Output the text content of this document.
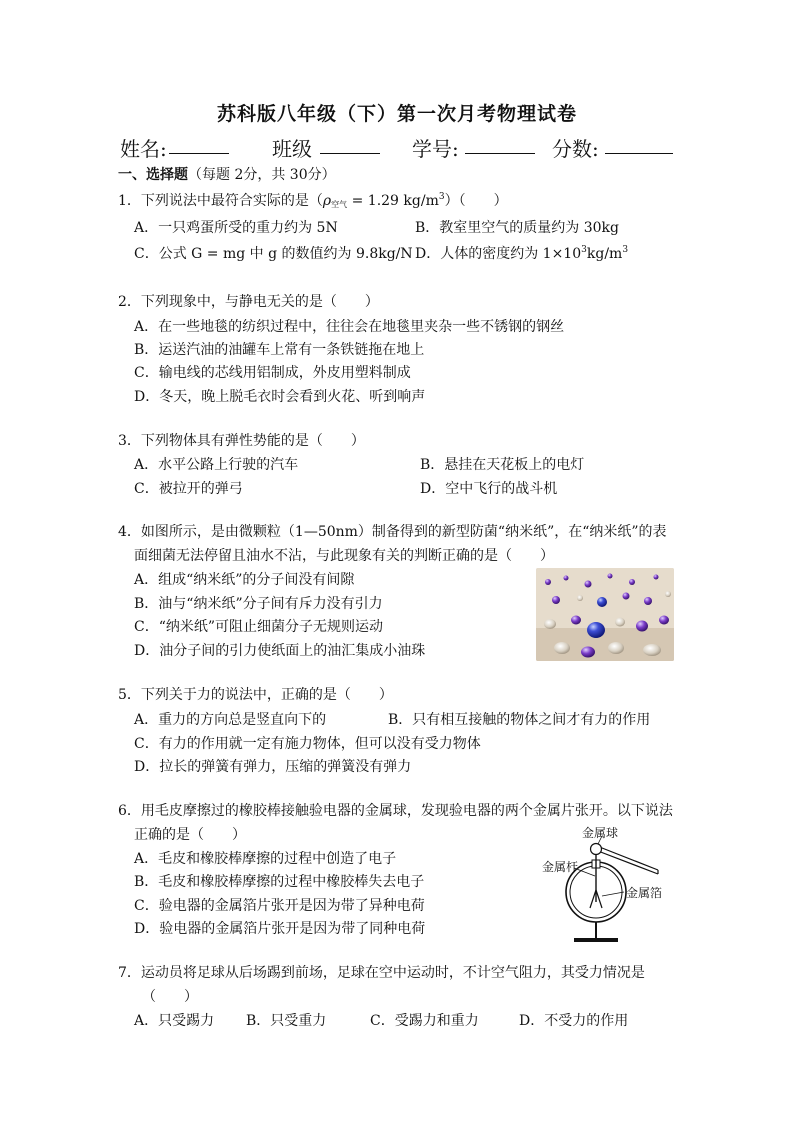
苏科版八年级（下）第一次月考物理试卷
姓名:	班级	学号:	分数:
一、选择题（每题 2分，共 30分）
1．下列说法中最符合实际的是（$\rho_{空气} = 1.29$ $kg/m^3$）（　　）
A．一只鸡蛋所受的重力约为 5N	B．教室里空气的质量约为 30kg
C．公式 G = mg 中 g 的数值约为 9.8kg/N D．人体的密度约为 $1\times 10^3kg/m^3$
2．下列现象中，与静电无关的是（　　）
A．在一些地毯的纺织过程中，往往会在地毯里夹杂一些不锈钢的钢丝
B．运送汽油的油罐车上常有一条铁链拖在地上
C．输电线的芯线用铝制成，外皮用塑料制成
D．冬天，晚上脱毛衣时会看到火花、听到响声
3．下列物体具有弹性势能的是（　　）
A．水平公路上行驶的汽车	B．悬挂在天花板上的电灯
C．被拉开的弹弓	D．空中飞行的战斗机
4．如图所示，是由微颗粒（1—50nm）制备得到的新型防菌“纳米纸”，在“纳米纸”的表
面细菌无法停留且油水不沾，与此现象有关的判断正确的是（　　）
A．组成“纳米纸”的分子间没有间隙
B．油与“纳米纸”分子间有斥力没有引力
C．“纳米纸”可阻止细菌分子无规则运动
D．油分子间的引力使纸面上的油汇集成小油珠
5．下列关于力的说法中，正确的是（　　）
A．重力的方向总是竖直向下的	B．只有相互接触的物体之间才有力的作用
C．有力的作用就一定有施力物体，但可以没有受力物体
D．拉长的弹簧有弹力，压缩的弹簧没有弹力
6．用毛皮摩擦过的橡胶棒接触验电器的金属球，发现验电器的两个金属片张开。以下说法
正确的是（　　）
A．毛皮和橡胶棒摩擦的过程中创造了电子
B．毛皮和橡胶棒摩擦的过程中橡胶棒失去电子
C．验电器的金属箔片张开是因为带了异种电荷
D．验电器的金属箔片张开是因为带了同种电荷
金属球
金属杆
金属箔
7．运动员将足球从后场踢到前场，足球在空中运动时，不计空气阻力，其受力情况是
（　　）
A．只受踢力 B．只受重力	C．受踢力和重力	D．不受力的作用
